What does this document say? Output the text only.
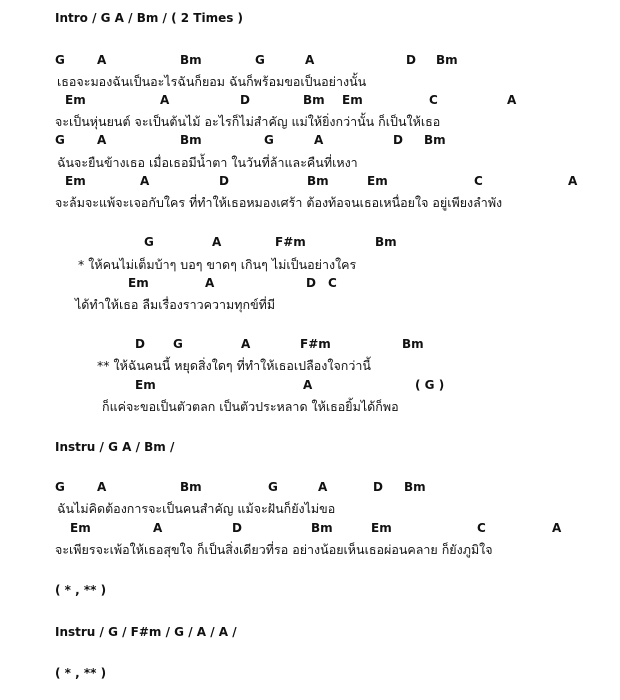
Intro / G A / Bm / ( 2 Times )
G	A	Bm	G	A	D Bm
เธอจะมองฉันเป็นอะไรฉันก็ยอม ฉันก็พร้อมขอเป็นอย่างนั้น
Em	A	D	Bm Em	C	A
จะเป็นหุ่นยนต์ จะเป็นต้นไม้ อะไรก็ไม่สำคัญ แม่ให้ยิ่งกว่านั้น ก็เป็นให้เธอ
G	A	Bm	G	A	D Bm
ฉันจะยืนข้างเธอ เมื่อเธอมีน้ำตา ในวันที่ล้าและคืนที่เหงา
Em	A	D	Bm	Em	C	A
จะล้มจะแพ้จะเจอกับใคร ที่ทำให้เธอหมองเศร้า ต้องท้อจนเธอเหนื่อยใจ อยู่เพียงลำพัง
G	A	F#m	Bm
* ให้คนไม่เต็มบ้าๆ บอๆ ขาดๆ เกินๆ ไม่เป็นอย่างใคร
Em	A	D C
ได้ทำให้เธอ ลืมเรื่องราวความทุกข์ที่มี
D G	A	F#m	Bm
** ให้ฉันคนนี้ หยุดสิ่งใดๆ ที่ทำให้เธอเปลืองใจกว่านี้
Em	A	( G )
ก็แค่จะขอเป็นตัวตลก เป็นตัวประหลาด ให้เธอยิ้มได้ก็พอ
Instru / G A / Bm /
G	A	Bm	G	A	D Bm
ฉันไม่คิดต้องการจะเป็นคนสำคัญ แม้จะฝันก็ยังไม่ขอ
Em	A	D	Bm	Em	C	A
จะเพียรจะเพ้อให้เธอสุขใจ ก็เป็นสิ่งเดียวที่รอ อย่างน้อยเห็นเธอผ่อนคลาย ก็ยังภูมิใจ
( * , ** )
Instru / G / F#m / G / A / A /
( * , ** )
